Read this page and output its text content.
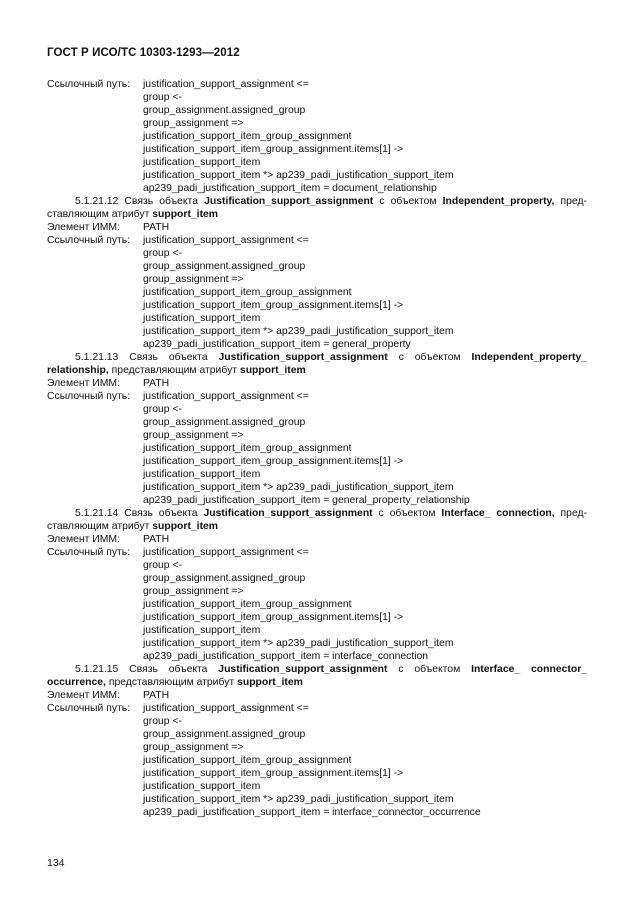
ГОСТ Р ИСО/ТС 10303-1293—2012
Ссылочный путь: justification_support_assignment <=
group <-
group_assignment.assigned_group
group_assignment =>
justification_support_item_group_assignment
justification_support_item_group_assignment.items[1] ->
justification_support_item
justification_support_item *> ap239_padi_justification_support_item
ap239_padi_justification_support_item = document_relationship
5.1.21.12 Связь объекта Justification_support_assignment с объектом Independent_property, пред-
ставляющим атрибут support_item
Элемент ИММ: PATH
Ссылочный путь: justification_support_assignment <=
group <-
group_assignment.assigned_group
group_assignment =>
justification_support_item_group_assignment
justification_support_item_group_assignment.items[1] ->
justification_support_item
justification_support_item *> ap239_padi_justification_support_item
ap239_padi_justification_support_item = general_property
5.1.21.13 Связь объекта Justification_support_assignment с объектом Independent_property_
relationship, представляющим атрибут support_item
Элемент ИММ: PATH
Ссылочный путь: justification_support_assignment <=
group <-
group_assignment.assigned_group
group_assignment =>
justification_support_item_group_assignment
justification_support_item_group_assignment.items[1] ->
justification_support_item
justification_support_item *> ap239_padi_justification_support_item
ap239_padi_justification_support_item = general_property_relationship
5.1.21.14 Связь объекта Justification_support_assignment с объектом Interface_ connection, пред-
ставляющим атрибут support_item
Элемент ИММ: PATH
Ссылочный путь: justification_support_assignment <=
group <-
group_assignment.assigned_group
group_assignment =>
justification_support_item_group_assignment
justification_support_item_group_assignment.items[1] ->
justification_support_item
justification_support_item *> ap239_padi_justification_support_item
ap239_padi_justification_support_item = interface_connection
5.1.21.15 Связь объекта Justification_support_assignment с объектом Interface_ connector_
occurrence, представляющим атрибут support_item
Элемент ИММ: PATH
Ссылочный путь: justification_support_assignment <=
group <-
group_assignment.assigned_group
group_assignment =>
justification_support_item_group_assignment
justification_support_item_group_assignment.items[1] ->
justification_support_item
justification_support_item *> ap239_padi_justification_support_item
ap239_padi_justification_support_item = interface_connector_occurrence
134
